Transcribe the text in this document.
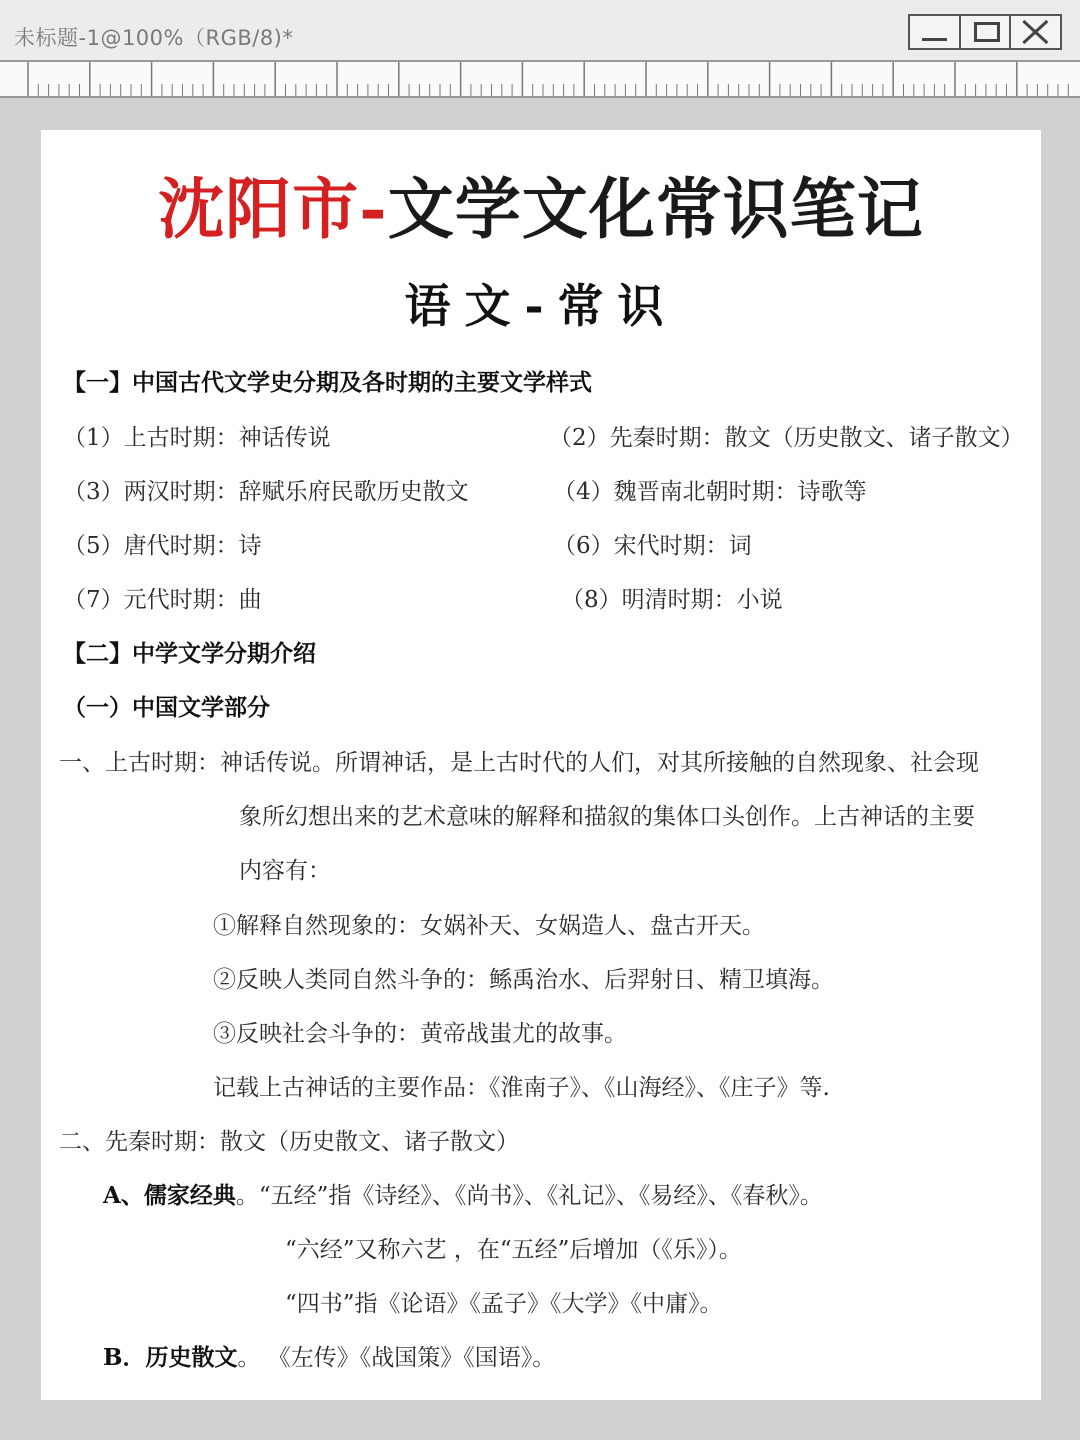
未标题-1@100%（RGB/8)*
沈阳市-文学文化常识笔记
语文-常识
【一】中国古代文学史分期及各时期的主要文学样式
（1）上古时期：神话传说	（2）先秦时期：散文（历史散文、诸子散文）
（3）两汉时期：辞赋乐府民歌历史散文	（4）魏晋南北朝时期：诗歌等
（5）唐代时期：诗	（6）宋代时期：词
（7）元代时期：曲	（8）明清时期：小说
【二】中学文学分期介绍
（一）中国文学部分
一、上古时期：神话传说。所谓神话，是上古时代的人们，对其所接触的自然现象、社会现
象所幻想出来的艺术意味的解释和描叙的集体口头创作。上古神话的主要
内容有：
①解释自然现象的：女娲补天、女娲造人、盘古开天。
②反映人类同自然斗争的：鲧禹治水、后羿射日、精卫填海。
③反映社会斗争的：黄帝战蚩尤的故事。
记载上古神话的主要作品：《淮南子》、《山海经》、《庄子》等.
二、先秦时期：散文（历史散文、诸子散文）
A、儒家经典。“五经”指《诗经》、《尚书》、《礼记》、《易经》、《春秋》。
“六经”又称六艺 ，在“五经”后增加（《乐》）。
“四书”指《论语》《孟子》《大学》《中庸》。
B．历史散文。 《左传》《战国策》《国语》。
